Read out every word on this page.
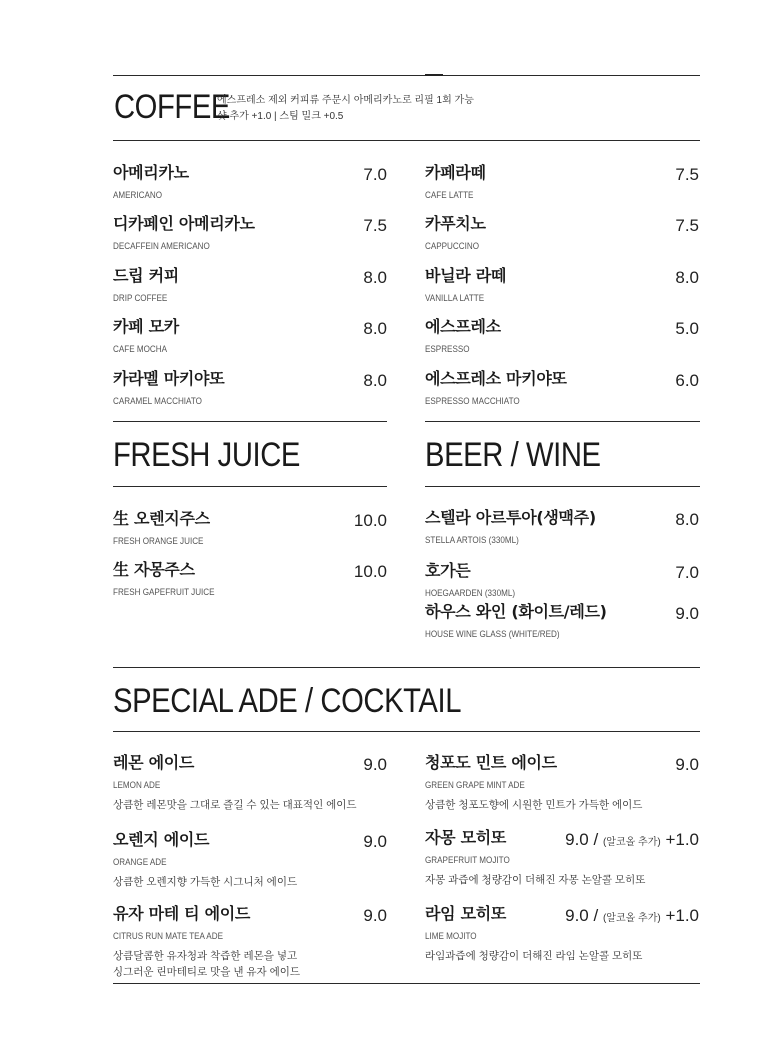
COFFEE
에스프레소 제외 커피류 주문시 아메리카노로 리필 1회 가능
샷 추가 +1.0 | 스팀 밀크 +0.5
아메리카노
AMERICANO
7.0
디카페인 아메리카노
DECAFFEIN AMERICANO
7.5
드립 커피
DRIP COFFEE
8.0
카페 모카
CAFE MOCHA
8.0
카라멜 마키야또
CARAMEL MACCHIATO
8.0
카페라떼
CAFE LATTE
7.5
카푸치노
CAPPUCCINO
7.5
바닐라 라떼
VANILLA LATTE
8.0
에스프레소
ESPRESSO
5.0
에스프레소 마키야또
ESPRESSO MACCHIATO
6.0
FRESH JUICE
生 오렌지주스
FRESH ORANGE JUICE
10.0
生 자몽주스
FRESH GAPEFRUIT JUICE
10.0
BEER / WINE
스텔라 아르투아(생맥주)
STELLA ARTOIS (330ML)
8.0
호가든
HOEGAARDEN (330ML)
7.0
하우스 와인 (화이트/레드)
HOUSE WINE GLASS (WHITE/RED)
9.0
SPECIAL ADE / COCKTAIL
레몬 에이드
LEMON ADE
상큼한 레몬맛을 그대로 즐길 수 있는 대표적인 에이드
9.0
오렌지 에이드
ORANGE ADE
상큼한 오렌지향 가득한 시그니처 에이드
9.0
유자 마테 티 에이드
CITRUS RUN MATE TEA ADE
상큼달콤한 유자청과 착즙한 레몬을 넣고
싱그러운 린마테티로 맛을 낸 유자 에이드
9.0
청포도 민트 에이드
GREEN GRAPE MINT ADE
상큼한 청포도향에 시원한 민트가 가득한 에이드
9.0
자몽 모히또
GRAPEFRUIT MOJITO
자몽 과즙에 청량감이 더해진 자몽 논알콜 모히또
9.0 / (알코올 추가) +1.0
라임 모히또
LIME MOJITO
라임과즙에 청량감이 더해진 라임 논알콜 모히또
9.0 / (알코올 추가) +1.0
